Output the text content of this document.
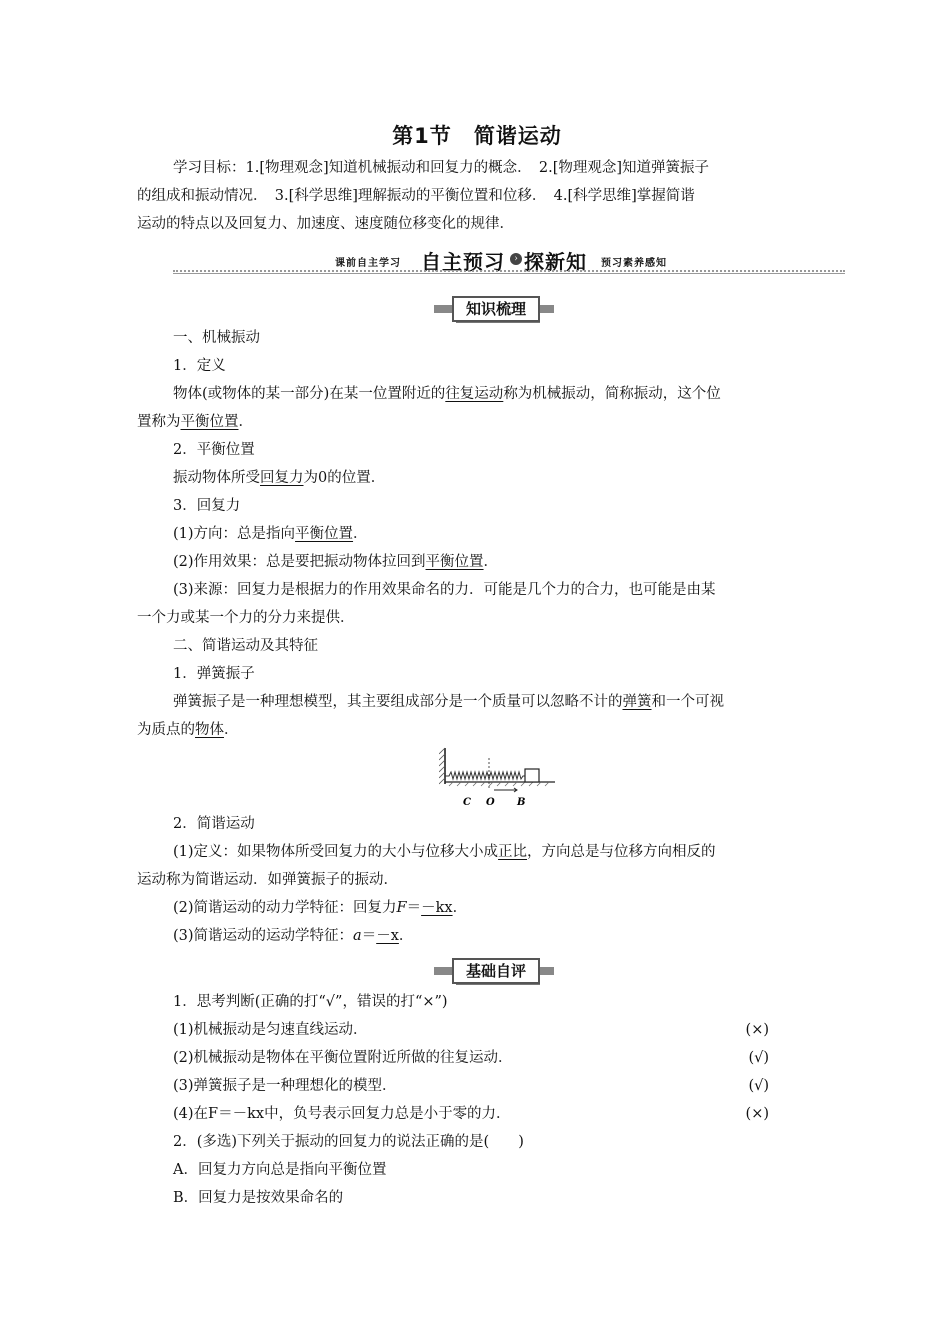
第1节 简谐运动
学习目标：1.[物理观念]知道机械振动和回复力的概念．　2.[物理观念]知道弹簧振子
的组成和振动情况．　3.[科学思维]理解振动的平衡位置和位移．　4.[科学思维]掌握简谐
运动的特点以及回复力、加速度、速度随位移变化的规律．
课前自主学习 自主预习	› 探新知 预习素养感知
知识梳理
一、机械振动
1．定义
物体(或物体的某一部分)在某一位置附近的往复运动称为机械振动，简称振动，这个位
置称为平衡位置．
2．平衡位置
振动物体所受回复力为0的位置．
3．回复力
(1)方向：总是指向平衡位置．
(2)作用效果：总是要把振动物体拉回到平衡位置．
(3)来源：回复力是根据力的作用效果命名的力．可能是几个力的合力，也可能是由某
一个力或某一个力的分力来提供．
二、简谐运动及其特征
1．弹簧振子
弹簧振子是一种理想模型，其主要组成部分是一个质量可以忽略不计的弹簧和一个可视
为质点的物体．
C O B
2．简谐运动
(1)定义：如果物体所受回复力的大小与位移大小成正比，方向总是与位移方向相反的
运动称为简谐运动．如弹簧振子的振动．
(2)简谐运动的动力学特征：回复力F＝－kx．
(3)简谐运动的运动学特征：a＝－x．
基础自评
1．思考判断(正确的打“√”，错误的打“×”)
(1)机械振动是匀速直线运动．	(×)
(2)机械振动是物体在平衡位置附近所做的往复运动．	(√)
(3)弹簧振子是一种理想化的模型．	(√)
(4)在F＝－kx中，负号表示回复力总是小于零的力．	(×)
2．(多选)下列关于振动的回复力的说法正确的是(　　)
A．回复力方向总是指向平衡位置
B．回复力是按效果命名的
